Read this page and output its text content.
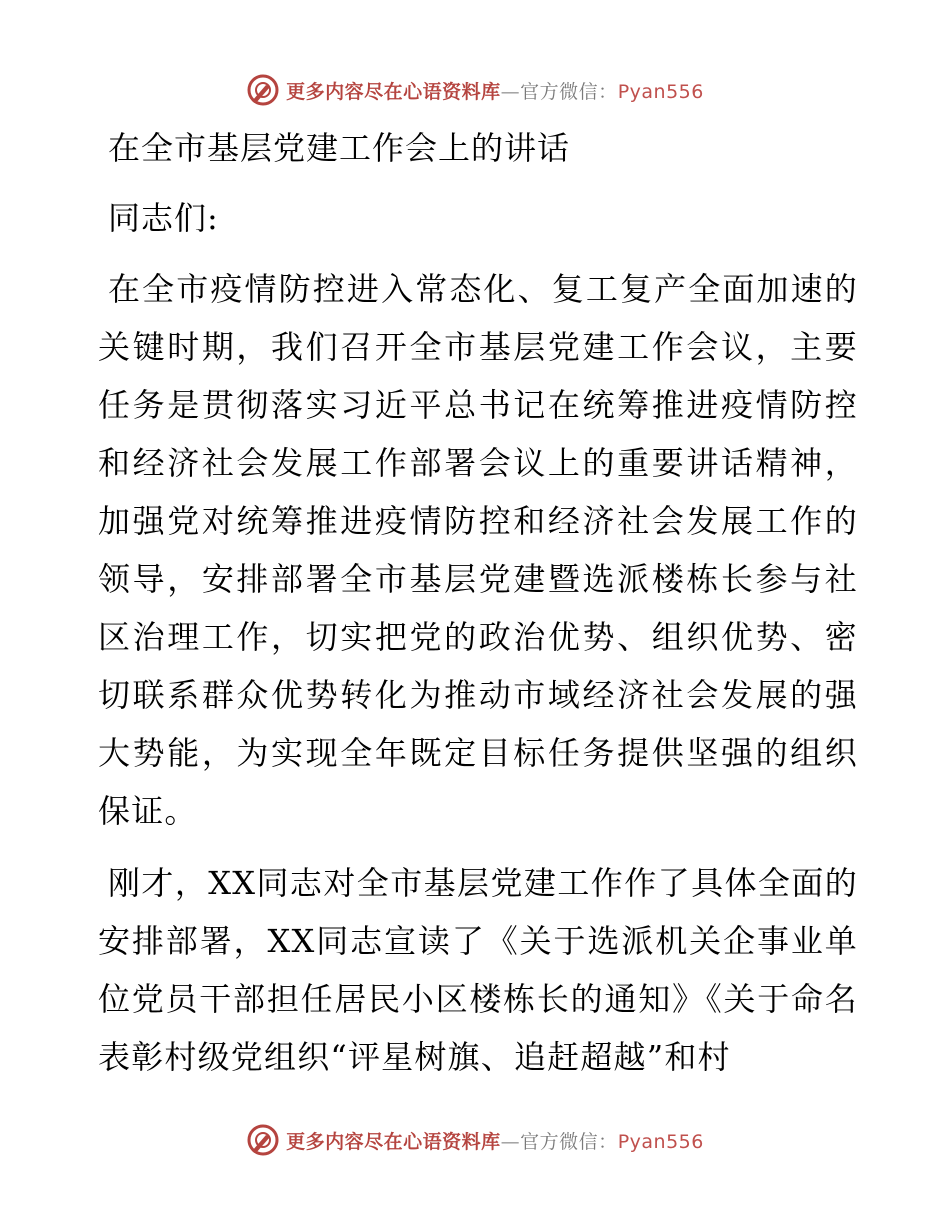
更多内容尽在心语资料库—官方微信：Pyan556
在全市基层党建工作会上的讲话
同志们:

在全市疫情防控进入常态化、复工复产全面加速的关键时期，我们召开全市基层党建工作会议，主要任务是贯彻落实习近平总书记在统筹推进疫情防控和经济社会发展工作部署会议上的重要讲话精神，加强党对统筹推进疫情防控和经济社会发展工作的领导，安排部署全市基层党建暨选派楼栋长参与社区治理工作，切实把党的政治优势、组织优势、密切联系群众优势转化为推动市域经济社会发展的强大势能，为实现全年既定目标任务提供坚强的组织保证。

刚才，XX同志对全市基层党建工作作了具体全面的安排部署，XX同志宣读了《关于选派机关企事业单位党员干部担任居民小区楼栋长的通知》《关于命名表彰村级党组织“评星树旗、追赶超越”和村

更多内容尽在心语资料库—官方微信：Pyan556
